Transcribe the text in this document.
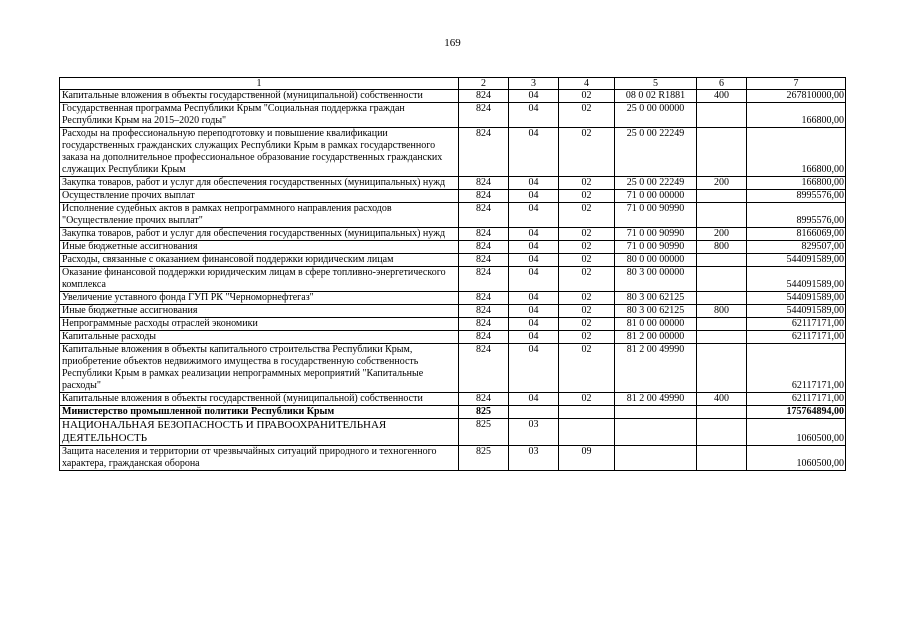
169
1	2	3	4	5	6	7
Капитальные вложения в объекты государственной (муниципальной) собственности	824	04	02	08 0 02 R1881	400	267810000,00
Государственная программа Республики Крым "Социальная поддержка граждан Республики Крым на 2015–2020 годы"	824	04	02	25 0 00 00000		166800,00
Расходы на профессиональную переподготовку и повышение квалификации государственных гражданских служащих Республики Крым в рамках государственного заказа на дополнительное профессиональное образование государственных гражданских служащих Республики Крым	824	04	02	25 0 00 22249		166800,00
Закупка товаров, работ и услуг для обеспечения государственных (муниципальных) нужд	824	04	02	25 0 00 22249	200	166800,00
Осуществление прочих выплат	824	04	02	71 0 00 00000		8995576,00
Исполнение судебных актов в рамках непрограммного направления расходов "Осуществление прочих выплат"	824	04	02	71 0 00 90990		8995576,00
Закупка товаров, работ и услуг для обеспечения государственных (муниципальных) нужд	824	04	02	71 0 00 90990	200	8166069,00
Иные бюджетные ассигнования	824	04	02	71 0 00 90990	800	829507,00
Расходы, связанные с оказанием финансовой поддержки юридическим лицам	824	04	02	80 0 00 00000		544091589,00
Оказание финансовой поддержки юридическим лицам в сфере топливно-энергетического комплекса	824	04	02	80 3 00 00000		544091589,00
Увеличение уставного фонда ГУП РК "Черноморнефтегаз"	824	04	02	80 3 00 62125		544091589,00
Иные бюджетные ассигнования	824	04	02	80 3 00 62125	800	544091589,00
Непрограммные расходы отраслей экономики	824	04	02	81 0 00 00000		62117171,00
Капитальные расходы	824	04	02	81 2 00 00000		62117171,00
Капитальные вложения в объекты капитального строительства Республики Крым, приобретение объектов недвижимого имущества в государственную собственность Республики Крым в рамках реализации непрограммных мероприятий "Капитальные расходы"	824	04	02	81 2 00 49990		62117171,00
Капитальные вложения в объекты государственной (муниципальной) собственности	824	04	02	81 2 00 49990	400	62117171,00
Министерство промышленной политики Республики Крым	825					175764894,00
НАЦИОНАЛЬНАЯ БЕЗОПАСНОСТЬ И ПРАВООХРАНИТЕЛЬНАЯ ДЕЯТЕЛЬНОСТЬ	825	03				1060500,00
Защита населения и территории от чрезвычайных ситуаций природного и техногенного характера, гражданская оборона	825	03	09			1060500,00
